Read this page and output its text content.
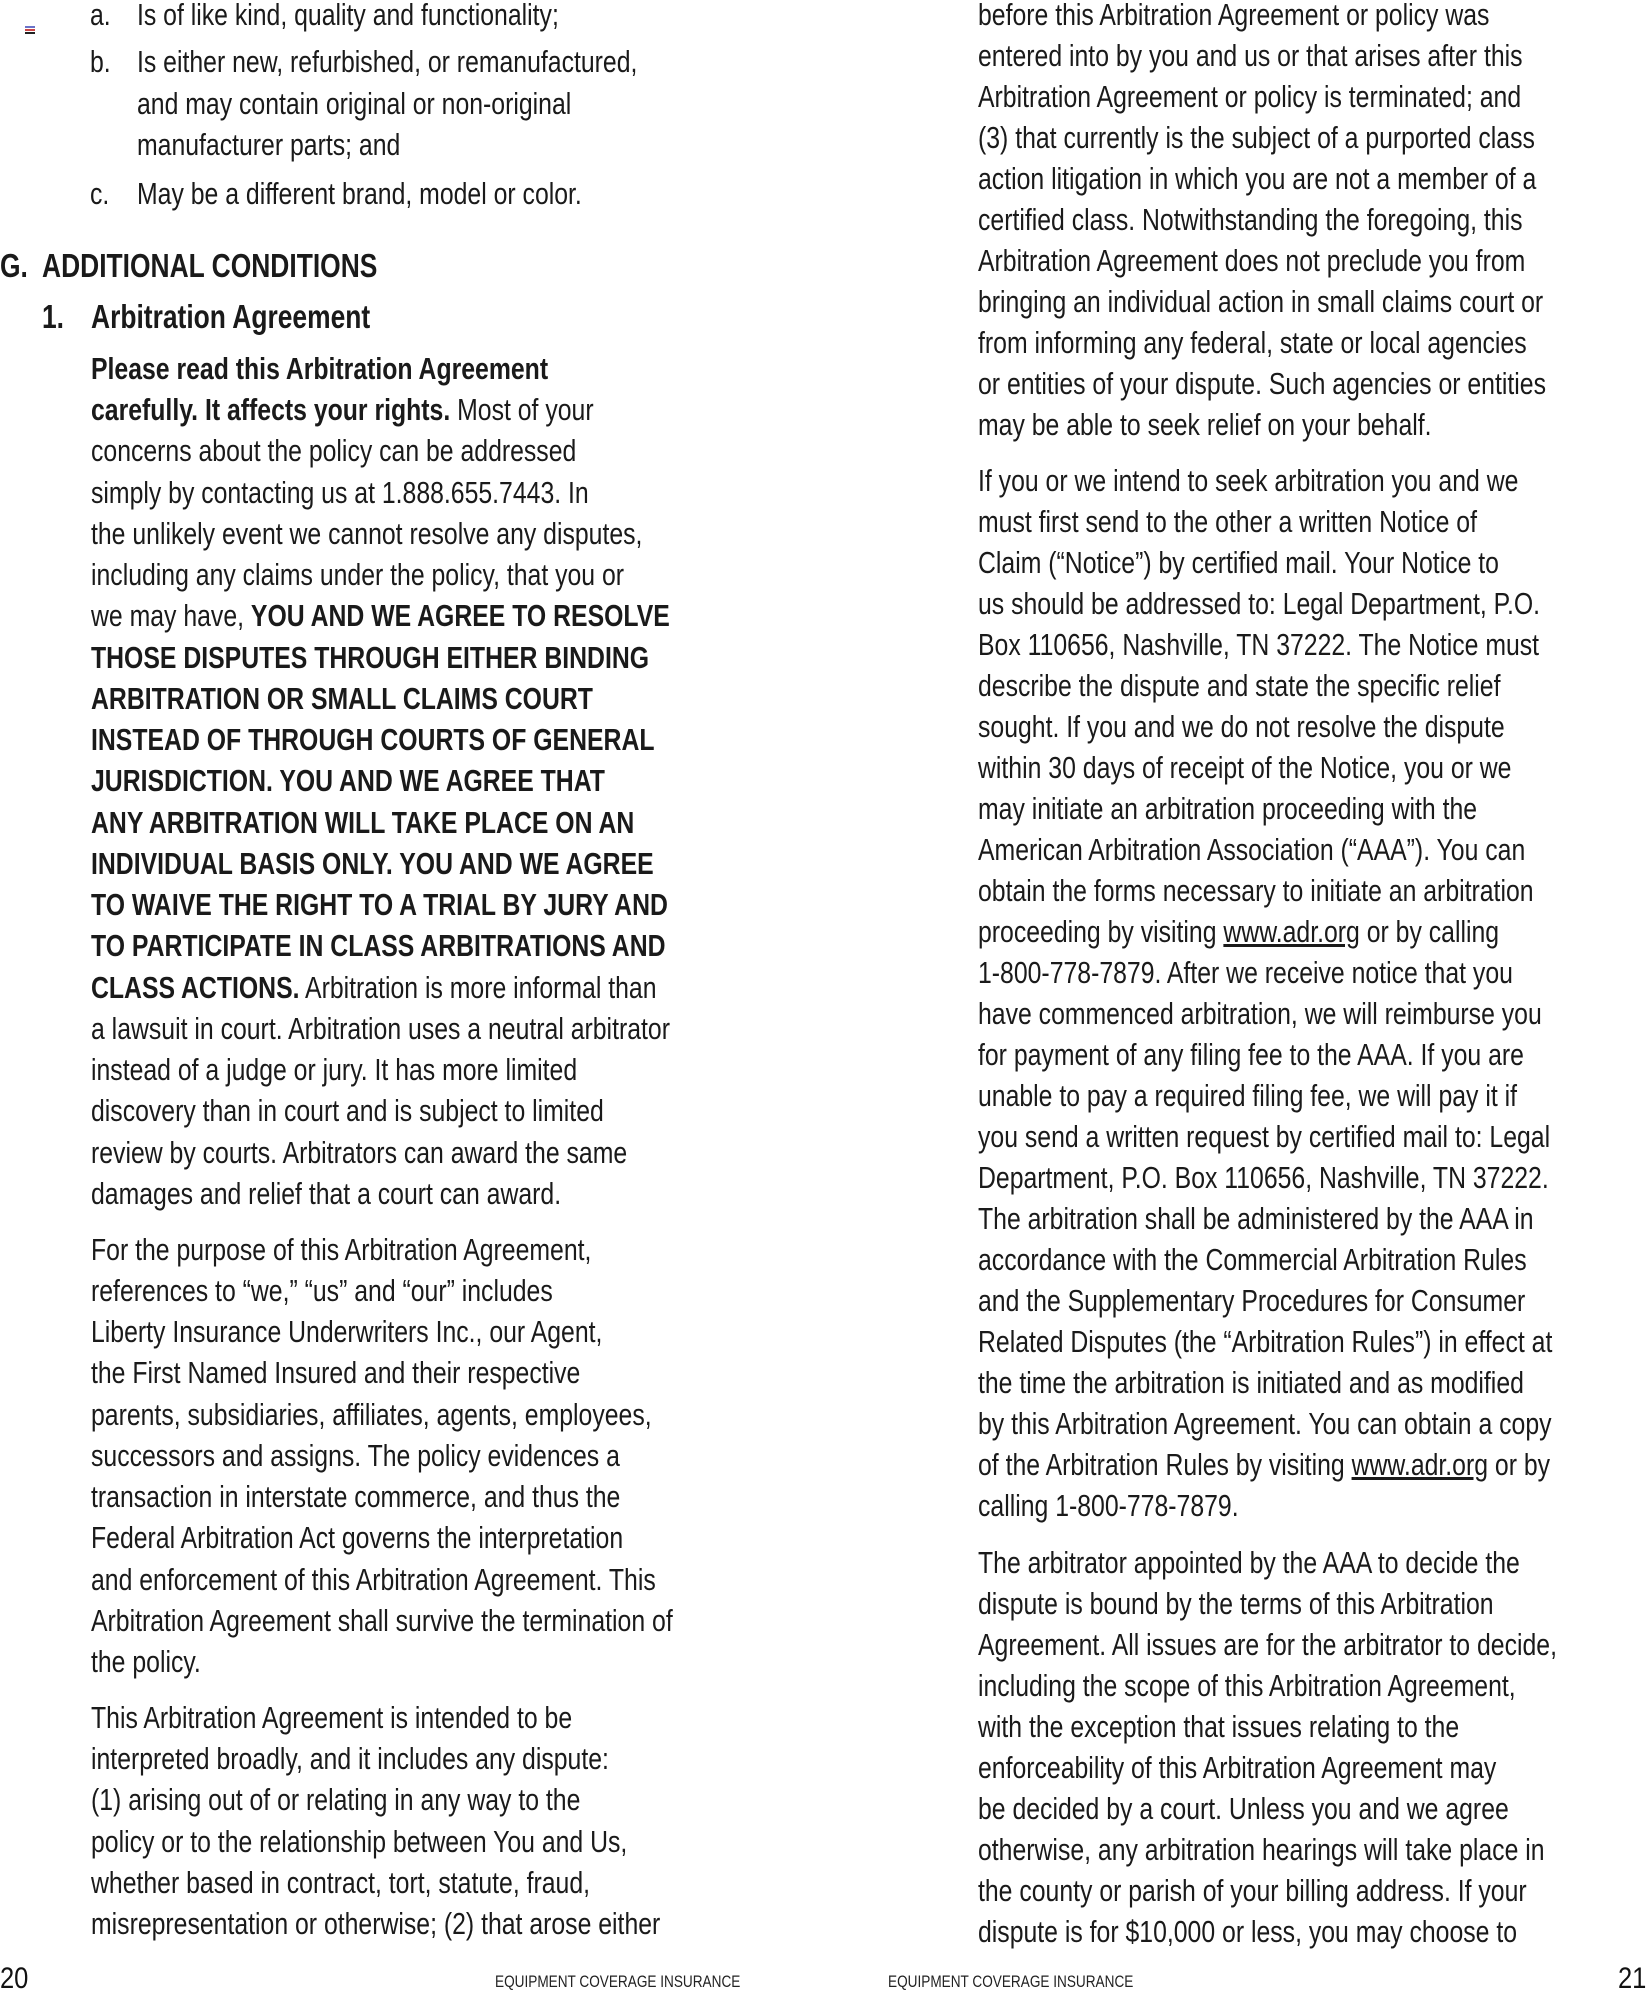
a. Is of like kind, quality and functionality;
b. Is either new, refurbished, or remanufactured,
and may contain original or non-original
manufacturer parts; and
c. May be a different brand, model or color.
G. ADDITIONAL CONDITIONS
1. Arbitration Agreement
Please read this Arbitration Agreement
carefully. It affects your rights. Most of your
concerns about the policy can be addressed
simply by contacting us at 1.888.655.7443. In
the unlikely event we cannot resolve any disputes,
including any claims under the policy, that you or
we may have, YOU AND WE AGREE TO RESOLVE
THOSE DISPUTES THROUGH EITHER BINDING
ARBITRATION OR SMALL CLAIMS COURT
INSTEAD OF THROUGH COURTS OF GENERAL
JURISDICTION. YOU AND WE AGREE THAT
ANY ARBITRATION WILL TAKE PLACE ON AN
INDIVIDUAL BASIS ONLY. YOU AND WE AGREE
TO WAIVE THE RIGHT TO A TRIAL BY JURY AND
TO PARTICIPATE IN CLASS ARBITRATIONS AND
CLASS ACTIONS. Arbitration is more informal than
a lawsuit in court. Arbitration uses a neutral arbitrator
instead of a judge or jury. It has more limited
discovery than in court and is subject to limited
review by courts. Arbitrators can award the same
damages and relief that a court can award.
For the purpose of this Arbitration Agreement,
references to “we,” “us” and “our” includes
Liberty Insurance Underwriters Inc., our Agent,
the First Named Insured and their respective
parents, subsidiaries, affiliates, agents, employees,
successors and assigns. The policy evidences a
transaction in interstate commerce, and thus the
Federal Arbitration Act governs the interpretation
and enforcement of this Arbitration Agreement. This
Arbitration Agreement shall survive the termination of
the policy.
This Arbitration Agreement is intended to be
interpreted broadly, and it includes any dispute:
(1) arising out of or relating in any way to the
policy or to the relationship between You and Us,
whether based in contract, tort, statute, fraud,
misrepresentation or otherwise; (2) that arose either
20	EQUIPMENT COVERAGE INSURANCE
before this Arbitration Agreement or policy was
entered into by you and us or that arises after this
Arbitration Agreement or policy is terminated; and
(3) that currently is the subject of a purported class
action litigation in which you are not a member of a
certified class. Notwithstanding the foregoing, this
Arbitration Agreement does not preclude you from
bringing an individual action in small claims court or
from informing any federal, state or local agencies
or entities of your dispute. Such agencies or entities
may be able to seek relief on your behalf.
If you or we intend to seek arbitration you and we
must first send to the other a written Notice of
Claim (“Notice”) by certified mail. Your Notice to
us should be addressed to: Legal Department, P.O.
Box 110656, Nashville, TN 37222. The Notice must
describe the dispute and state the specific relief
sought. If you and we do not resolve the dispute
within 30 days of receipt of the Notice, you or we
may initiate an arbitration proceeding with the
American Arbitration Association (“AAA”). You can
obtain the forms necessary to initiate an arbitration
proceeding by visiting www.adr.org or by calling
1-800-778-7879. After we receive notice that you
have commenced arbitration, we will reimburse you
for payment of any filing fee to the AAA. If you are
unable to pay a required filing fee, we will pay it if
you send a written request by certified mail to: Legal
Department, P.O. Box 110656, Nashville, TN 37222.
The arbitration shall be administered by the AAA in
accordance with the Commercial Arbitration Rules
and the Supplementary Procedures for Consumer
Related Disputes (the “Arbitration Rules”) in effect at
the time the arbitration is initiated and as modified
by this Arbitration Agreement. You can obtain a copy
of the Arbitration Rules by visiting www.adr.org or by
calling 1-800-778-7879.
The arbitrator appointed by the AAA to decide the
dispute is bound by the terms of this Arbitration
Agreement. All issues are for the arbitrator to decide,
including the scope of this Arbitration Agreement,
with the exception that issues relating to the
enforceability of this Arbitration Agreement may
be decided by a court. Unless you and we agree
otherwise, any arbitration hearings will take place in
the county or parish of your billing address. If your
dispute is for $10,000 or less, you may choose to
EQUIPMENT COVERAGE INSURANCE	21
